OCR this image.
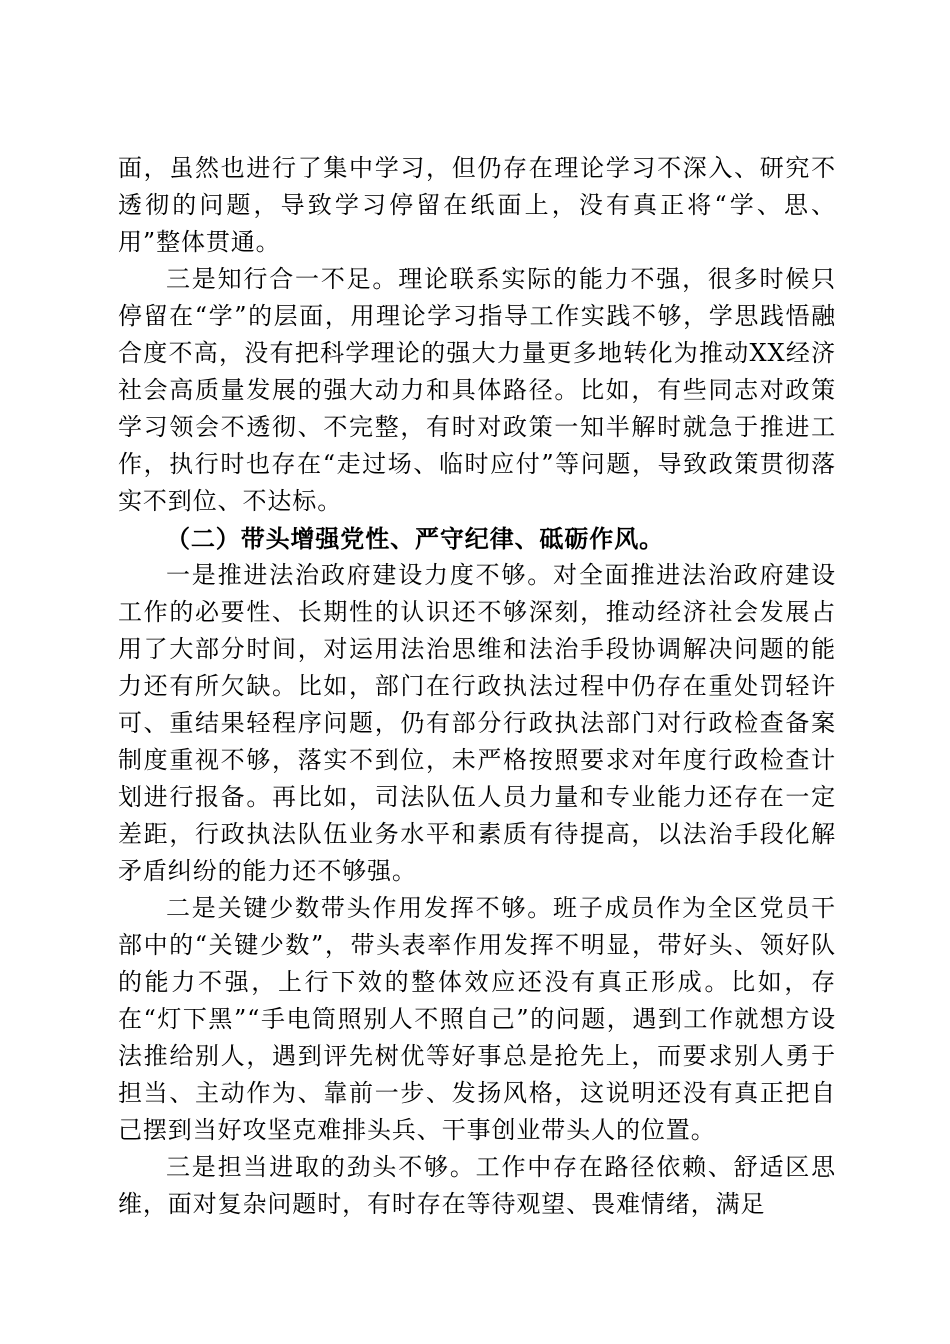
面，虽然也进行了集中学习，但仍存在理论学习不深入、研究不透彻的问题，导致学习停留在纸面上，没有真正将“学、思、用”整体贯通。

三是知行合一不足。理论联系实际的能力不强，很多时候只停留在“学”的层面，用理论学习指导工作实践不够，学思践悟融合度不高，没有把科学理论的强大力量更多地转化为推动XX经济社会高质量发展的强大动力和具体路径。比如，有些同志对政策学习领会不透彻、不完整，有时对政策一知半解时就急于推进工作，执行时也存在“走过场、临时应付”等问题，导致政策贯彻落实不到位、不达标。

（二）带头增强党性、严守纪律、砥砺作风。

一是推进法治政府建设力度不够。对全面推进法治政府建设工作的必要性、长期性的认识还不够深刻，推动经济社会发展占用了大部分时间，对运用法治思维和法治手段协调解决问题的能力还有所欠缺。比如，部门在行政执法过程中仍存在重处罚轻许可、重结果轻程序问题，仍有部分行政执法部门对行政检查备案制度重视不够，落实不到位，未严格按照要求对年度行政检查计划进行报备。再比如，司法队伍人员力量和专业能力还存在一定差距，行政执法队伍业务水平和素质有待提高，以法治手段化解矛盾纠纷的能力还不够强。

二是关键少数带头作用发挥不够。班子成员作为全区党员干部中的“关键少数”，带头表率作用发挥不明显，带好头、领好队的能力不强，上行下效的整体效应还没有真正形成。比如，存在“灯下黑”“手电筒照别人不照自己”的问题，遇到工作就想方设法推给别人，遇到评先树优等好事总是抢先上，而要求别人勇于担当、主动作为、靠前一步、发扬风格，这说明还没有真正把自己摆到当好攻坚克难排头兵、干事创业带头人的位置。

三是担当进取的劲头不够。工作中存在路径依赖、舒适区思维，面对复杂问题时，有时存在等待观望、畏难情绪，满足
